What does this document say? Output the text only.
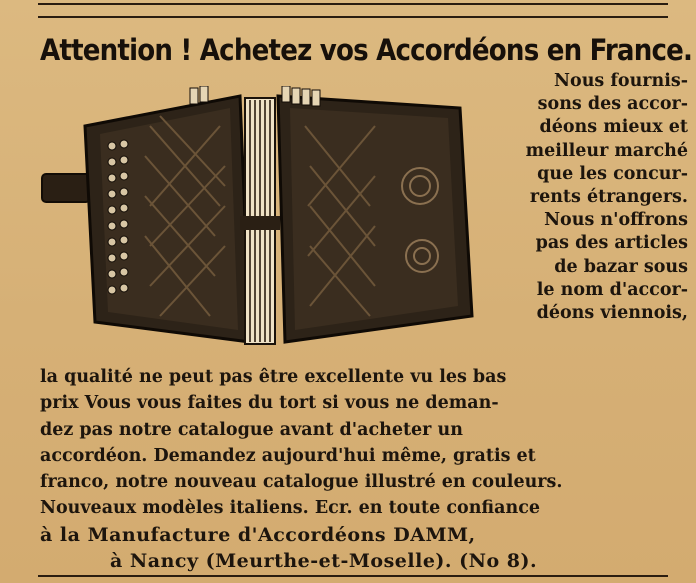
Attention ! Achetez vos Accordéons en France.
Nous fournis-
sons des accor-
déons mieux et
meilleur marché
que les concur-
rents étrangers.
Nous n'offrons
pas des articles
de bazar sous
le nom d'accor-
déons viennois,
la qualité ne peut pas être excellente vu les bas
prix Vous vous faites du tort si vous ne deman-
dez pas notre catalogue avant d'acheter un
accordéon. Demandez aujourd'hui même, gratis et
franco, notre nouveau catalogue illustré en couleurs.
Nouveaux modèles italiens. Ecr. en toute confiance
à la Manufacture d'Accordéons DAMM,
à Nancy (Meurthe-et-Moselle). (No 8).
